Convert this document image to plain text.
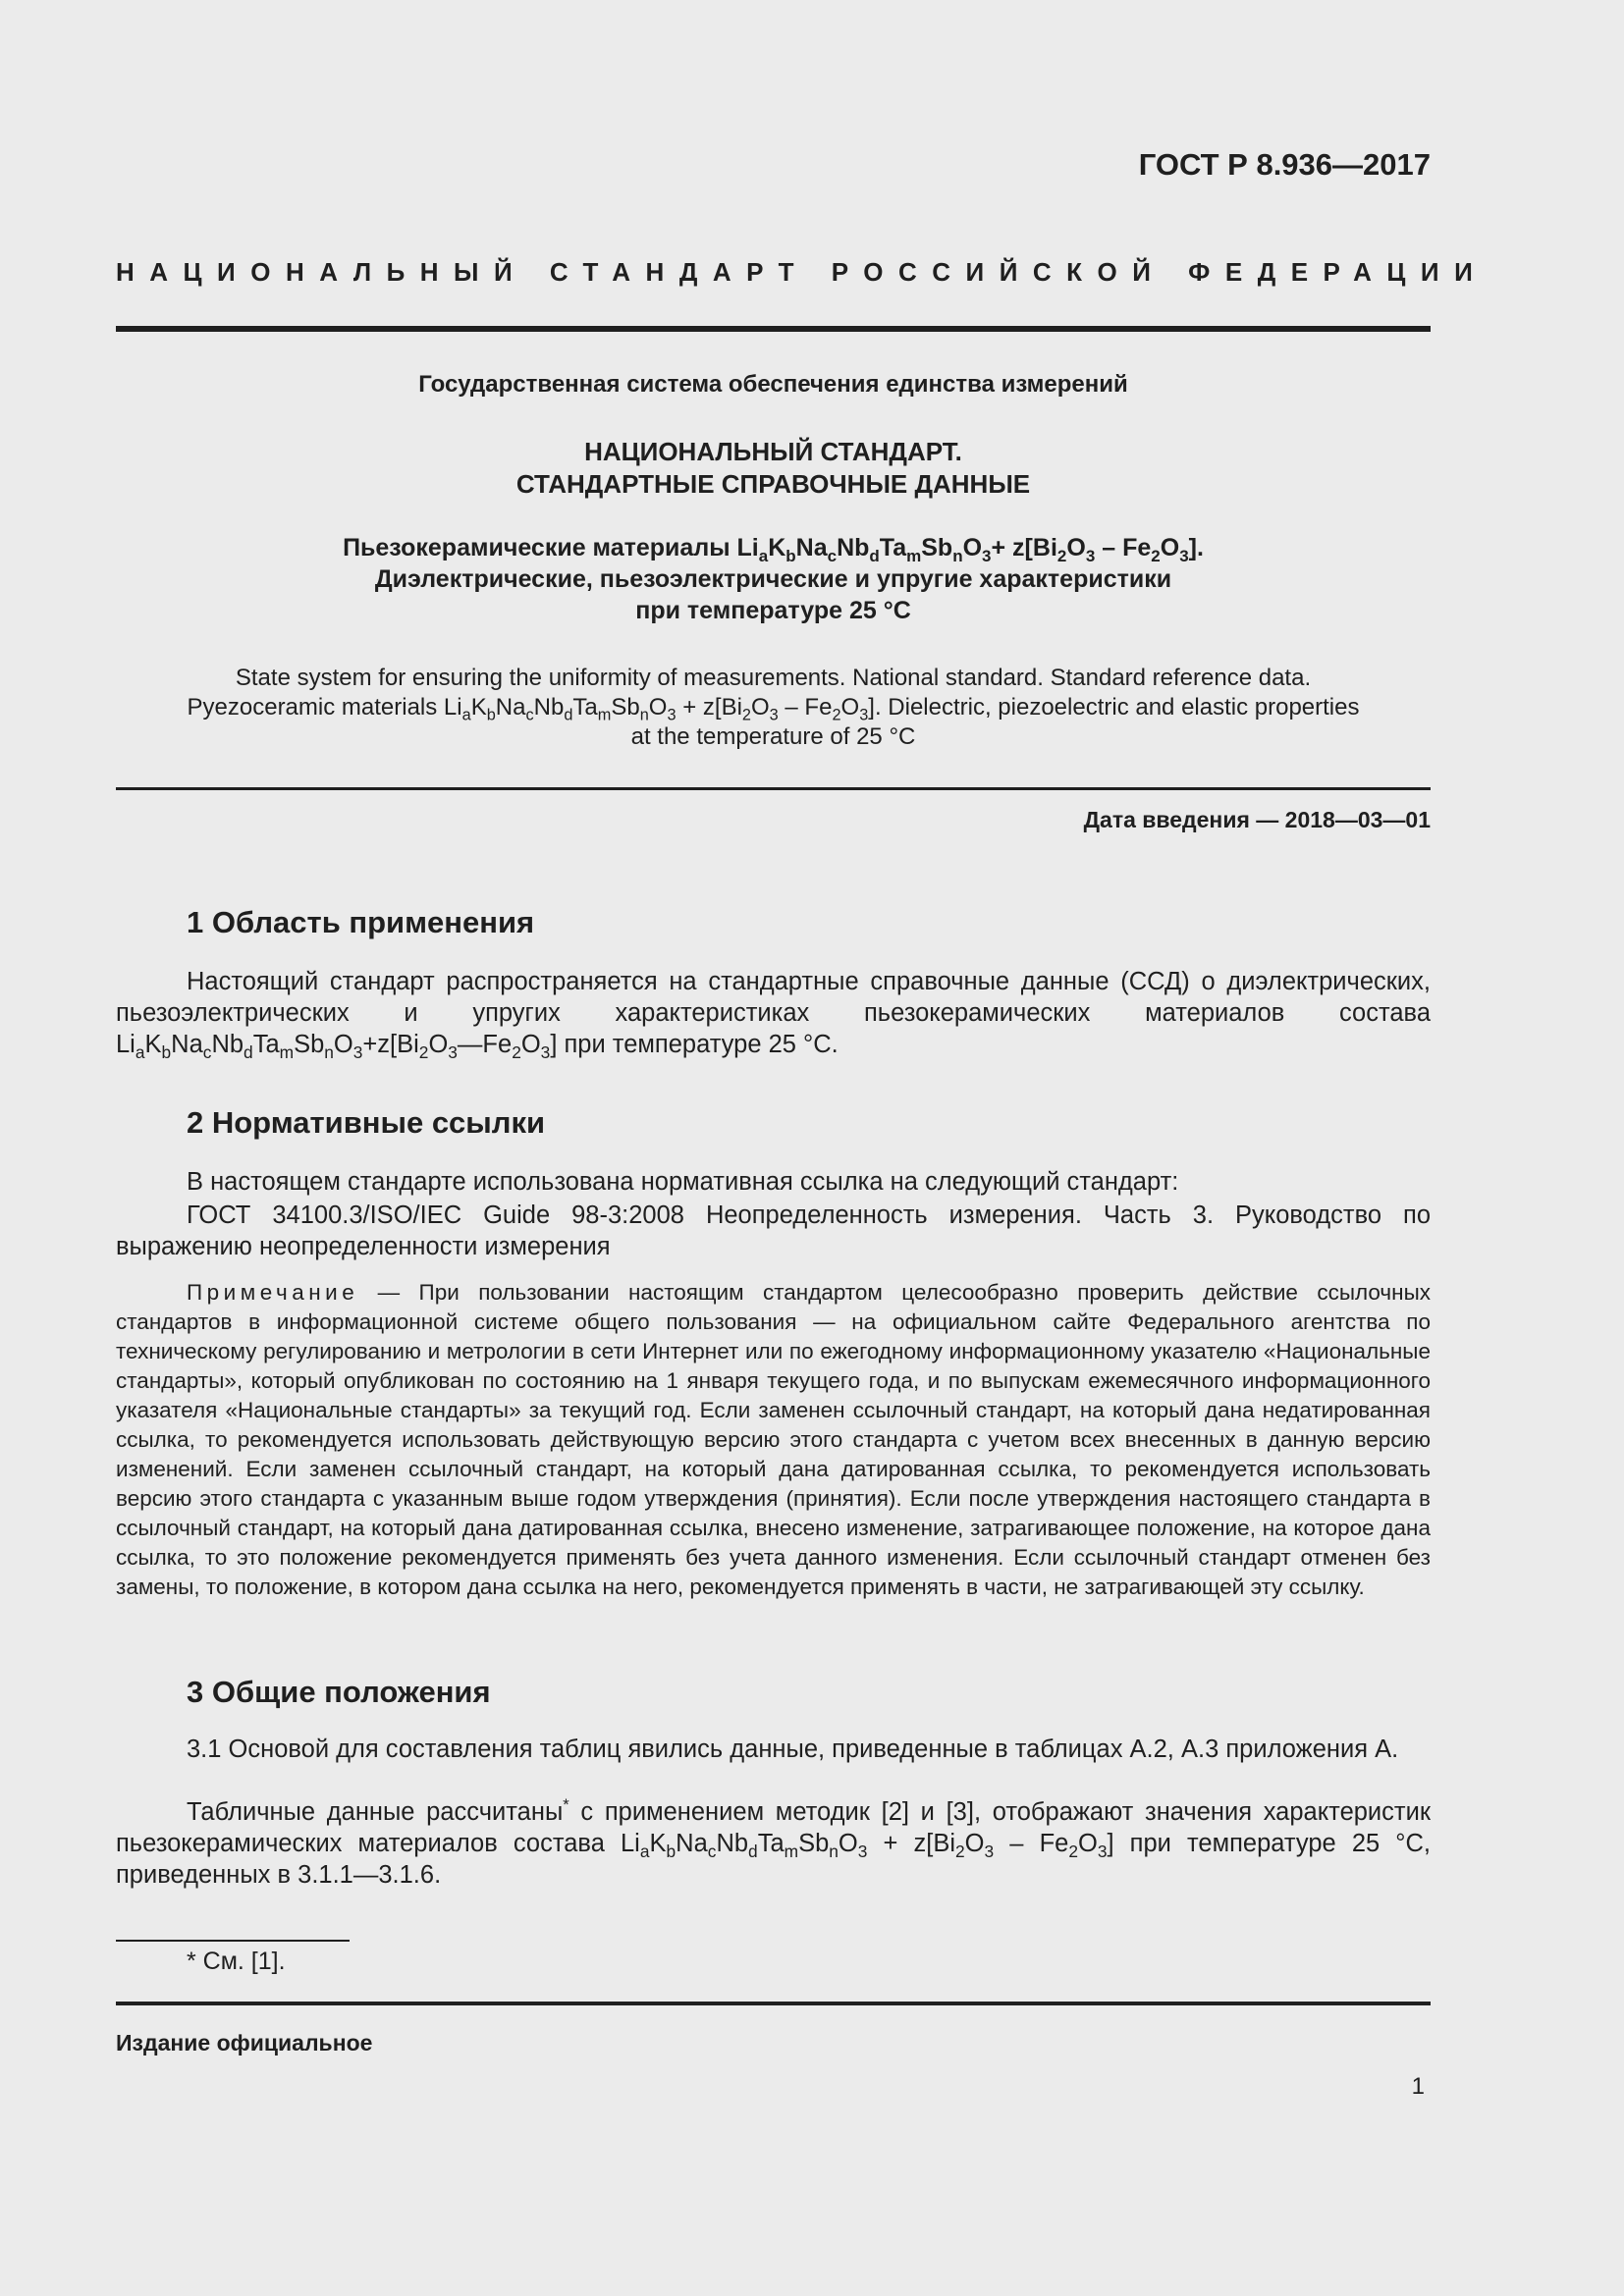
ГОСТ Р 8.936—2017
НАЦИОНАЛЬНЫЙ СТАНДАРТ РОССИЙСКОЙ ФЕДЕРАЦИИ
Государственная система обеспечения единства измерений
НАЦИОНАЛЬНЫЙ СТАНДАРТ.
СТАНДАРТНЫЕ СПРАВОЧНЫЕ ДАННЫЕ
Пьезокерамические материалы $Li_aK_bNa_cNb_dTa_mSb_nO_3+ z[Bi_2O_3 - Fe_2O_3]$.
Диэлектрические, пьезоэлектрические и упругие характеристики
при температуре 25 °C
State system for ensuring the uniformity of measurements. National standard. Standard reference data.
Pyezoceramic materials $Li_aK_bNa_cNb_dTa_mSb_nO_3 + z[Bi_2O_3 - Fe_2O_3]$. Dielectric, piezoelectric and elastic properties
at the temperature of 25 °C
Дата введения — 2018—03—01
1 Область применения
Настоящий стандарт распространяется на стандартные справочные данные (ССД) о диэлектрических, пьезоэлектрических и упругих характеристиках пьезокерамических материалов состава $Li_aK_bNa_cNb_dTa_mSb_nO_3+z[Bi_2O_3—Fe_2O_3]$ при температуре 25 °C.
2 Нормативные ссылки
В настоящем стандарте использована нормативная ссылка на следующий стандарт:
ГОСТ 34100.3/ISO/IEC Guide 98-3:2008 Неопределенность измерения. Часть 3. Руководство по выражению неопределенности измерения
Примечание — При пользовании настоящим стандартом целесообразно проверить действие ссылочных стандартов в информационной системе общего пользования — на официальном сайте Федерального агентства по техническому регулированию и метрологии в сети Интернет или по ежегодному информационному указателю «Национальные стандарты», который опубликован по состоянию на 1 января текущего года, и по выпускам ежемесячного информационного указателя «Национальные стандарты» за текущий год. Если заменен ссылочный стандарт, на который дана недатированная ссылка, то рекомендуется использовать действующую версию этого стандарта с учетом всех внесенных в данную версию изменений. Если заменен ссылочный стандарт, на который дана датированная ссылка, то рекомендуется использовать версию этого стандарта с указанным выше годом утверждения (принятия). Если после утверждения настоящего стандарта в ссылочный стандарт, на который дана датированная ссылка, внесено изменение, затрагивающее положение, на которое дана ссылка, то это положение рекомендуется применять без учета данного изменения. Если ссылочный стандарт отменен без замены, то положение, в котором дана ссылка на него, рекомендуется применять в части, не затрагивающей эту ссылку.
3 Общие положения
3.1 Основой для составления таблиц явились данные, приведенные в таблицах А.2, А.3 приложения А.
Табличные данные рассчитаны* с применением методик [2] и [3], отображают значения характеристик пьезокерамических материалов состава $Li_aK_bNa_cNb_dTa_mSb_nO_3 + z[Bi_2O_3 - Fe_2O_3]$ при температуре 25 °C, приведенных в 3.1.1—3.1.6.
* См. [1].
Издание официальное
1
